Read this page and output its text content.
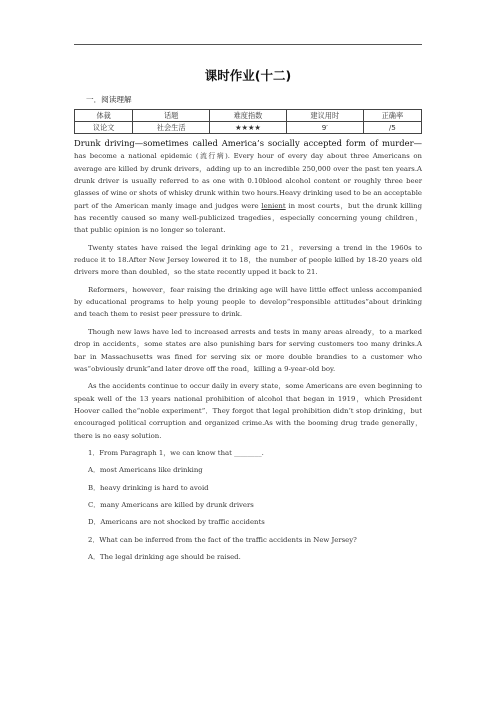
课时作业(十二)
一．阅读理解
体裁	话题	难度指数	建议用时	正确率
议论文	社会生活	★★★★	9′	/5

Drunk driving—sometimes called America’s socially accepted form of murder—has become a national epidemic (流行病). Every hour of every day about three Americans on average are killed by drunk drivers，adding up to an incredible 250,000 over the past ten years.A drunk driver is usually referred to as one with 0.10blood alcohol content or roughly three beer glasses of wine or shots of whisky drunk within two hours.Heavy drinking used to be an acceptable part of the American manly image and judges were lenient in most courts，but the drunk killing has recently caused so many well-publicized tragedies，especially concerning young children，that public opinion is no longer so tolerant.

Twenty states have raised the legal drinking age to 21，reversing a trend in the 1960s to reduce it to 18.After New Jersey lowered it to 18，the number of people killed by 18-20 years old drivers more than doubled，so the state recently upped it back to 21.

Reformers，however，fear raising the drinking age will have little effect unless accompanied by educational programs to help young people to develop“responsible attitudes”about drinking and teach them to resist peer pressure to drink.

Though new laws have led to increased arrests and tests in many areas already，to a marked drop in accidents，some states are also punishing bars for serving customers too many drinks.A bar in Massachusetts was fined for serving six or more double brandies to a customer who was“obviously drunk”and later drove off the road，killing a 9-year-old boy.

As the accidents continue to occur daily in every state，some Americans are even beginning to speak well of the 13 years national prohibition of alcohol that began in 1919，which President Hoover called the“noble experiment”．They forgot that legal prohibition didn’t stop drinking，but encouraged political corruption and organized crime.As with the booming drug trade generally，there is no easy solution.

1．From Paragraph 1，we can know that ________.

A．most Americans like drinking

B．heavy drinking is hard to avoid

C．many Americans are killed by drunk drivers

D．Americans are not shocked by traffic accidents

2．What can be inferred from the fact of the traffic accidents in New Jersey?

A．The legal drinking age should be raised.
